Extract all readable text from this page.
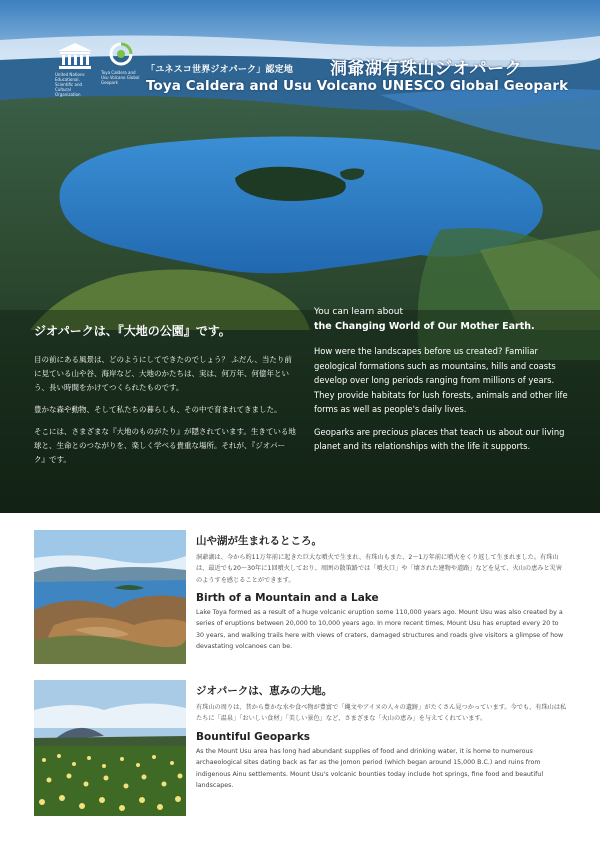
United Nations Educational, Scientific and Cultural Organization
Toya Caldera and Usu Volcano Global Geopark
「ユネスコ世界ジオパーク」認定地 洞爺湖有珠山ジオパーク
Toya Caldera and Usu Volcano UNESCO Global Geopark

ジオパークは、『大地の公園』です。

目の前にある風景は、どのようにしてできたのでしょう？ ふだん、当たり前に見ている山や谷、海岸など、大地のかたちは、実は、何万年、何億年という、長い時間をかけてつくられたものです。

豊かな森や動物、そして私たちの暮らしも、その中で育まれてきました。

そこには、さまざまな『大地のものがたり』が隠されています。生きている地球と、生命とのつながりを、楽しく学べる貴重な場所。それが、『ジオパーク』です。

You can learn about

the Changing World of Our Mother Earth.

How were the landscapes before us created? Familiar geological formations such as mountains, hills and coasts develop over long periods ranging from millions of years. They provide habitats for lush forests, animals and other life forms as well as people's daily lives.

Geoparks are precious places that teach us about our living planet and its relationships with the life it supports.

山や湖が生まれるところ。

洞爺湖は、今から約11万年前に起きた巨大な噴火で生まれ、有珠山もまた、2～1万年前に噴火をくり返して生まれました。有珠山は、最近でも20～30年に1回噴火しており、周囲の散策路では「噴火口」や「壊された建物や道路」などを見て、火山の恵みと災害のようすを感じることができます。

Birth of a Mountain and a Lake

Lake Toya formed as a result of a huge volcanic eruption some 110,000 years ago. Mount Usu was also created by a series of eruptions between 20,000 to 10,000 years ago. In more recent times, Mount Usu has erupted every 20 to 30 years, and walking trails here with views of craters, damaged structures and roads give visitors a glimpse of how devastating volcanoes can be.

ジオパークは、恵みの大地。

有珠山の周りは、昔から豊かな水や食べ物が豊富で「縄文やアイヌの人々の遺跡」がたくさん見つかっています。今でも、有珠山は私たちに「温泉」「おいしい食材」「美しい景色」など、さまざまな「火山の恵み」を与えてくれています。

Bountiful Geoparks

As the Mount Usu area has long had abundant supplies of food and drinking water, it is home to numerous archaeological sites dating back as far as the Jomon period (which began around 15,000 B.C.) and ruins from indigenous Ainu settlements. Mount Usu's volcanic bounties today include hot springs, fine food and beautiful landscapes.
